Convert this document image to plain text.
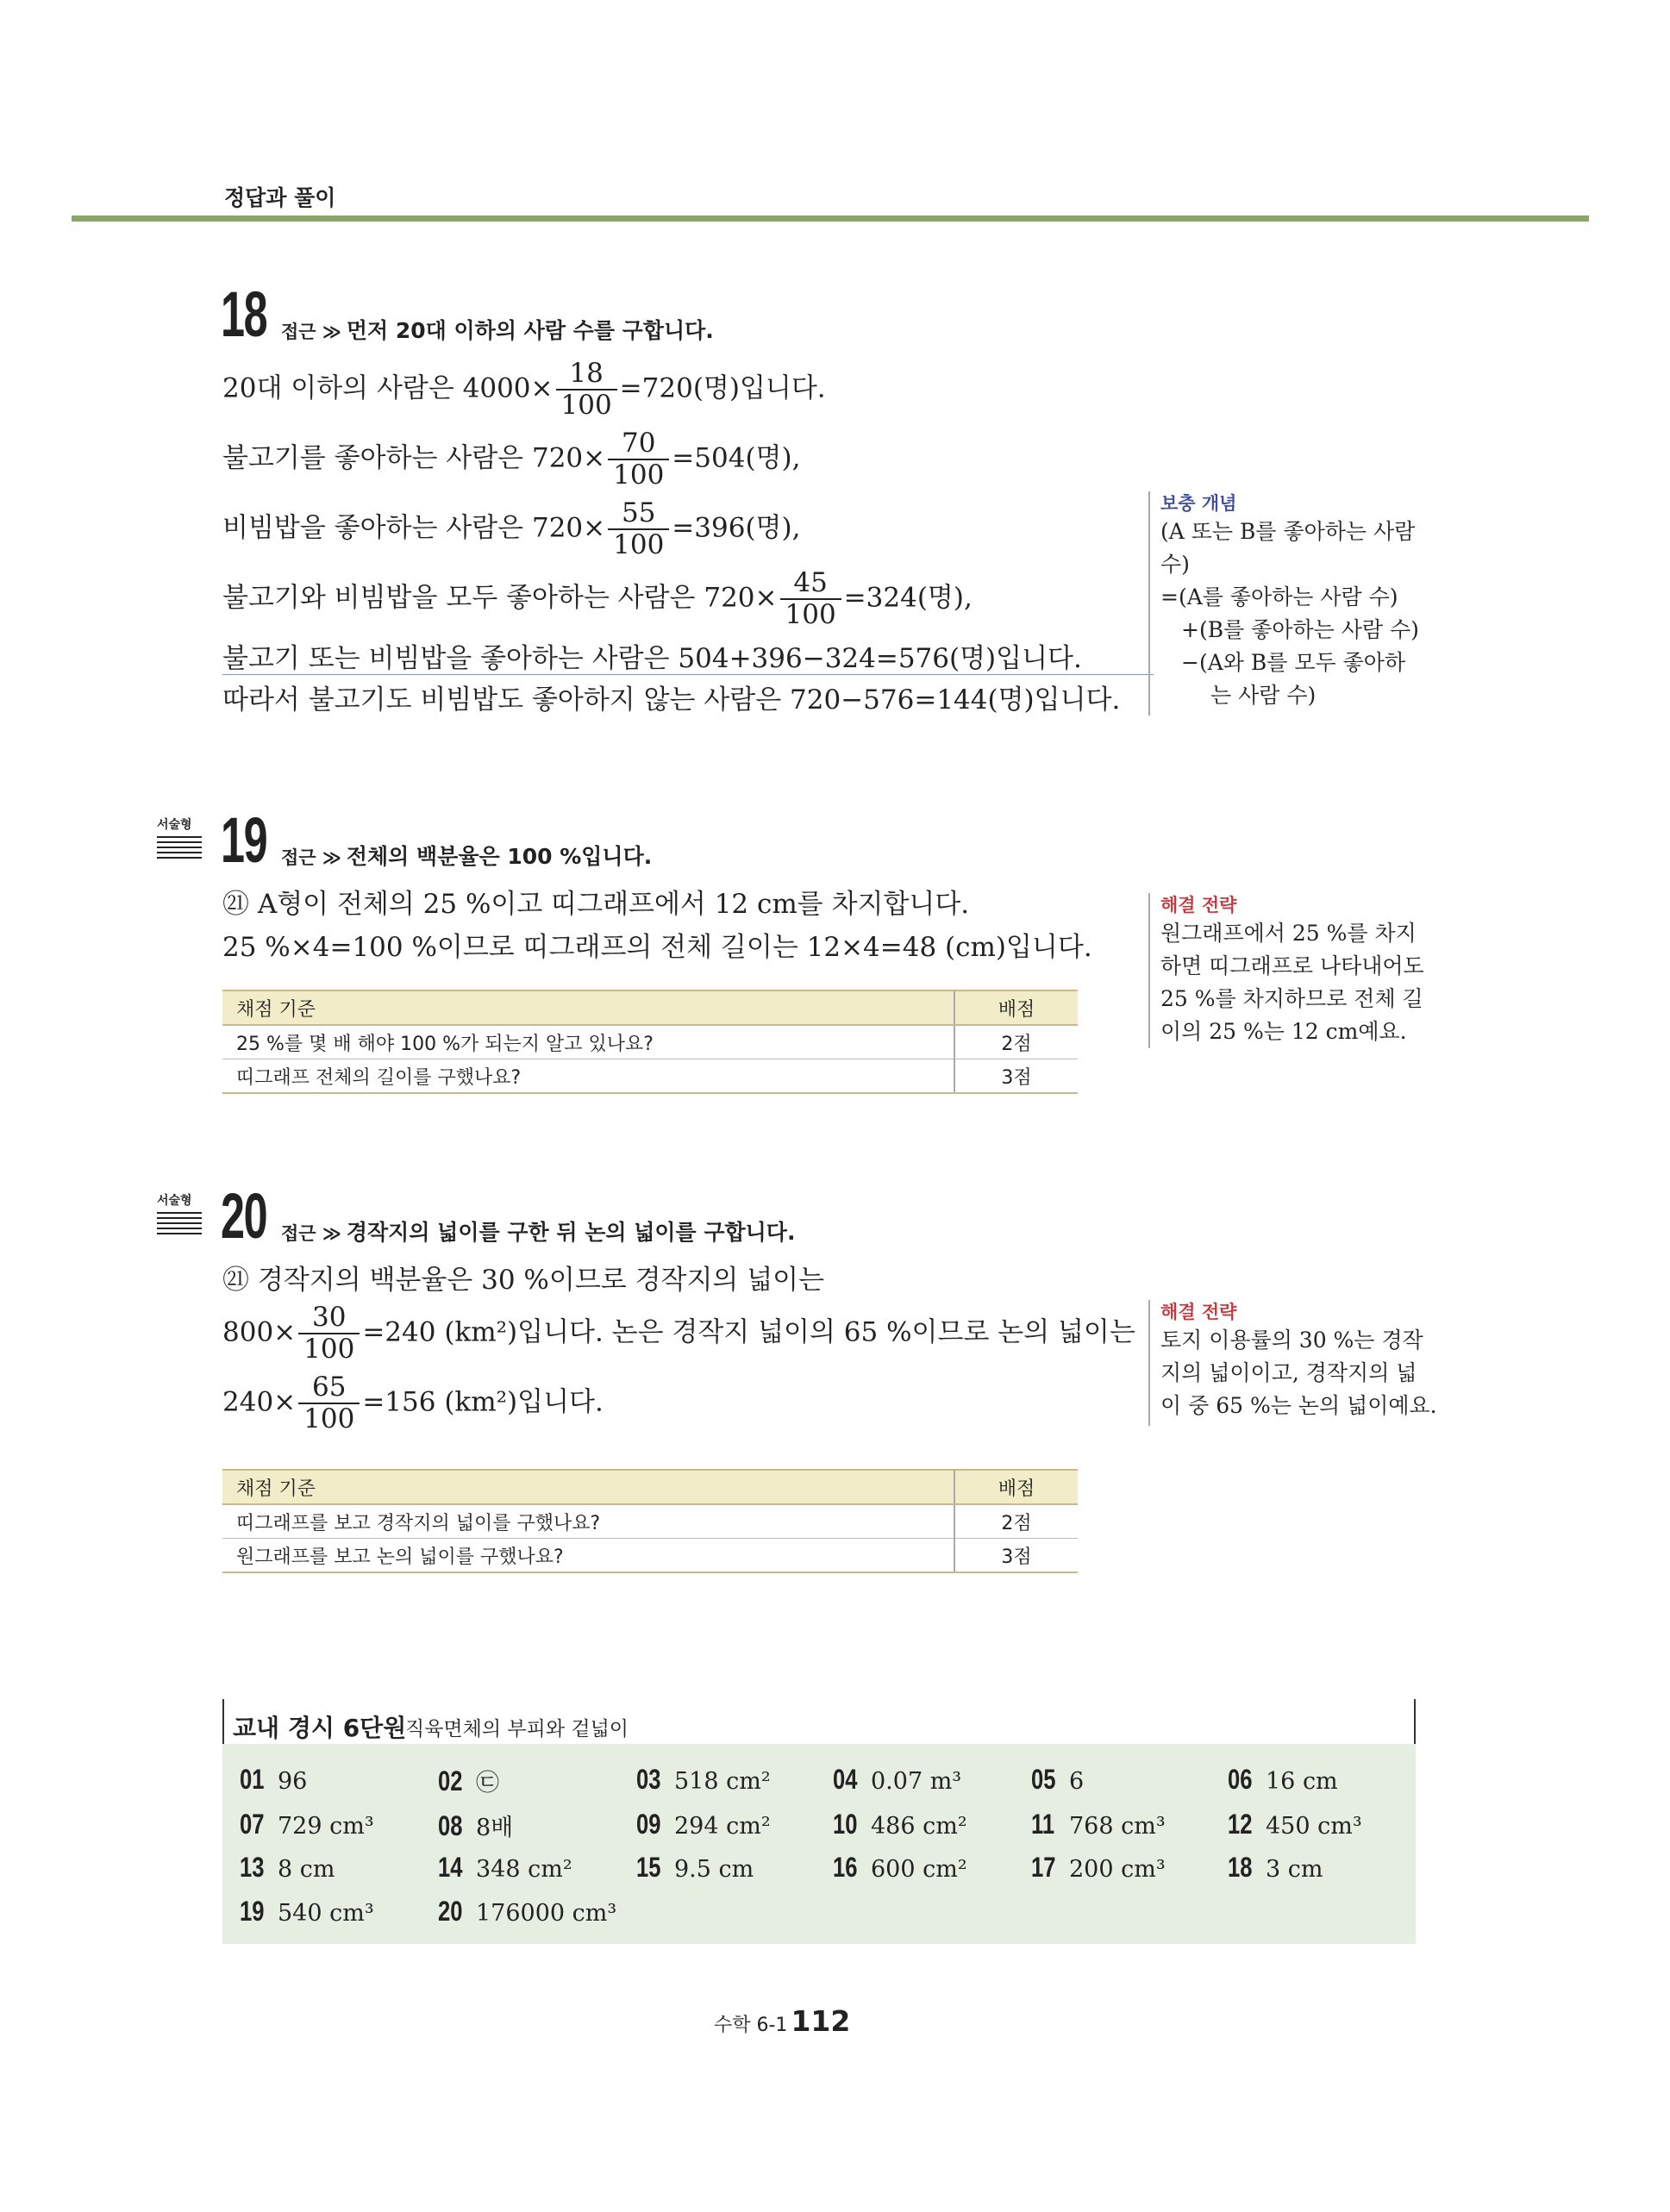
정답과 풀이
18 접근 ≫ 먼저 20대 이하의 사람 수를 구합니다.
20대 이하의 사람은 $4000\times \frac{18}{100} =720$(명)입니다.
불고기를 좋아하는 사람은 $720\times \frac{70}{100} =504$(명),
비빔밥을 좋아하는 사람은 $720\times \frac{55}{100} =396$(명),
불고기와 비빔밥을 모두 좋아하는 사람은 $720\times \frac{45}{100} =324$(명),
불고기 또는 비빔밥을 좋아하는 사람은 504+396−324=576(명)입니다.
따라서 불고기도 비빔밥도 좋아하지 않는 사람은 720−576=144(명)입니다.
보충 개념
(A 또는 B를 좋아하는 사람
수)
=(A를 좋아하는 사람 수)
+(B를 좋아하는 사람 수)
−(A와 B를 모두 좋아하
는 사람 수)
서술형 19 접근 ≫ 전체의 백분율은 100 %입니다.
㉑ A형이 전체의 25 %이고 띠그래프에서 12 cm를 차지합니다.
25 %×4=100 %이므로 띠그래프의 전체 길이는 12×4=48 (cm)입니다.
채점 기준	배점
25 %를 몇 배 해야 100 %가 되는지 알고 있나요?	2점
띠그래프 전체의 길이를 구했나요?	3점
해결 전략
원그래프에서 25 %를 차지
하면 띠그래프로 나타내어도
25 %를 차지하므로 전체 길
이의 25 %는 12 cm예요.
서술형 20 접근 ≫ 경작지의 넓이를 구한 뒤 논의 넓이를 구합니다.
㉑ 경작지의 백분율은 30 %이므로 경작지의 넓이는
$800\times \frac{30}{100} =240$ (km²)입니다. 논은 경작지 넓이의 65 %이므로 논의 넓이는
$240\times \frac{65}{100} =156$ (km²)입니다.
채점 기준	배점
띠그래프를 보고 경작지의 넓이를 구했나요?	2점
원그래프를 보고 논의 넓이를 구했나요?	3점
해결 전략
토지 이용률의 30 %는 경작
지의 넓이이고, 경작지의 넓
이 중 65 %는 논의 넓이예요.
교내 경시 6단원
직육면체의 부피와 겉넓이
01 96	02 ㉢	03 518 cm² 04 0.07 m³	05 6	06 16 cm
07 729 cm³ 08 8배	09 294 cm² 10 486 cm² 11 768 cm³ 12 450 cm³
13 8 cm	14 348 cm² 15 9.5 cm	16 600 cm² 17 200 cm³ 18 3 cm
19 540 cm³ 20 176000 cm³
수학 6-1 112
